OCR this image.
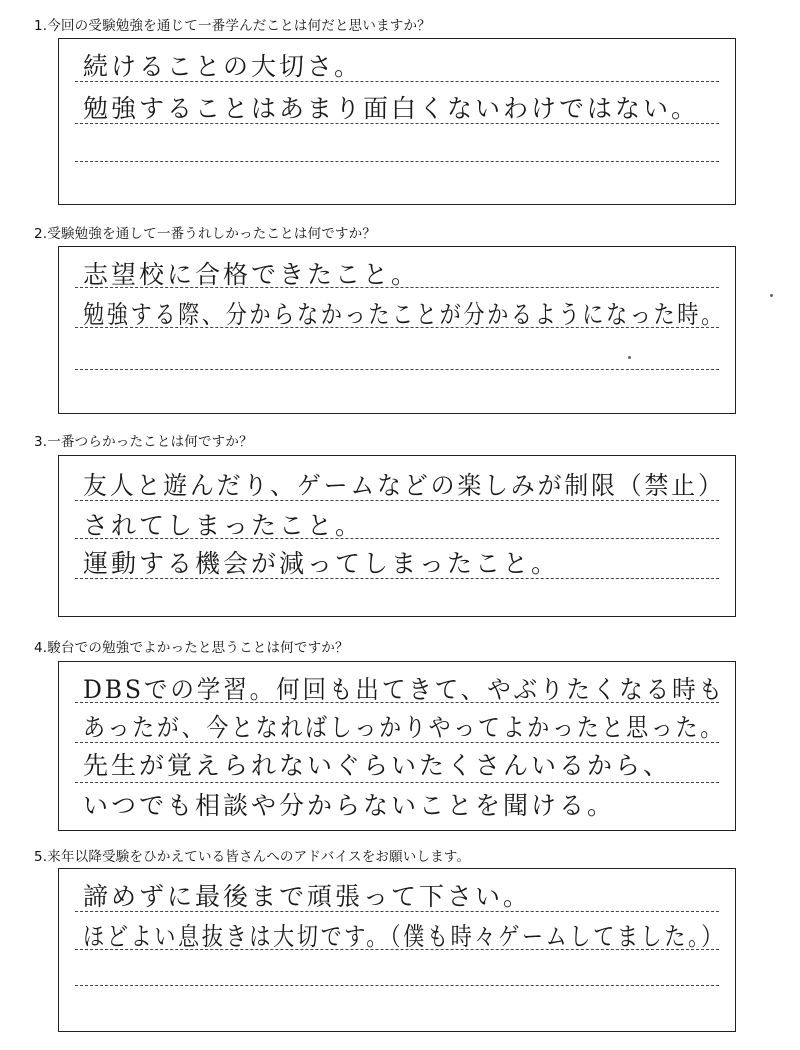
1.今回の受験勉強を通じて一番学んだことは何だと思いますか？
続けることの大切さ。
勉強することはあまり面白くないわけではない。
2.受験勉強を通して一番うれしかったことは何ですか？
志望校に合格できたこと。
勉強する際、分からなかったことが分かるようになった時。
3.一番つらかったことは何ですか？
友人と遊んだり、ゲームなどの楽しみが制限（禁止）
されてしまったこと。
運動する機会が減ってしまったこと。
4.駿台での勉強でよかったと思うことは何ですか？
DBSでの学習。何回も出てきて、やぶりたくなる時も
あったが、今となればしっかりやってよかったと思った。
先生が覚えられないぐらいたくさんいるから、
いつでも相談や分からないことを聞ける。
5.来年以降受験をひかえている皆さんへのアドバイスをお願いします。
諦めずに最後まで頑張って下さい。
ほどよい息抜きは大切です。（僕も時々ゲームしてました。）
